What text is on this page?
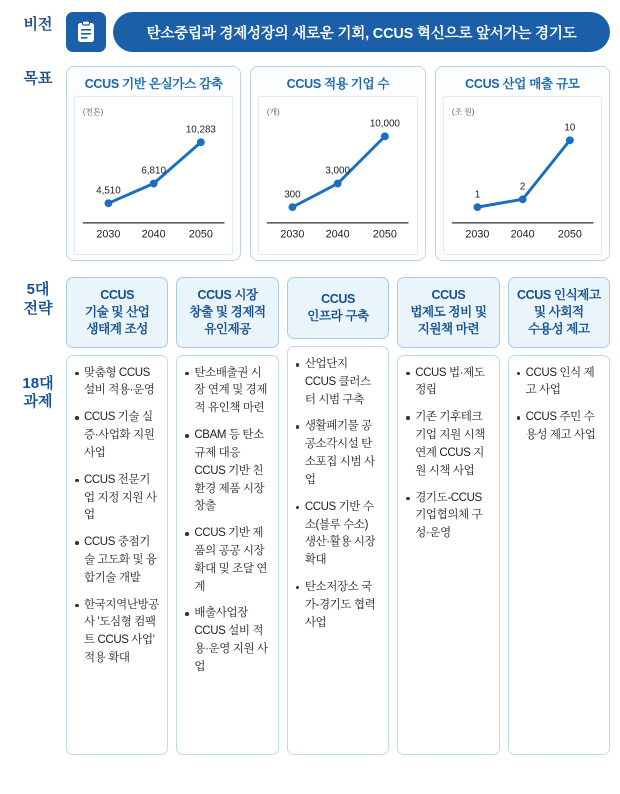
비전
탄소중립과 경제성장의 새로운 기회, CCUS 혁신으로 앞서가는 경기도
목표	CCUS 기반 온실가스 감축
(천톤)
4,510
6,810
10,283
2030 2040 2050
CCUS 적용 기업 수
(개)
300
3,000
10,000
2030 2040 2050
CCUS 산업 매출 규모
(조 원)
1
2
10
2030 2040 2050
5대
전략
18대
과제
CCUS
기술 및 산업
생태계 조성
맞춤형 CCUS 설비 적용·운영
CCUS 기술 실증·사업화 지원 사업
CCUS 전문기업 지정 지원 사업
CCUS 중점기술 고도화 및 융합기술 개발
한국지역난방공사 '도심형 컴팩트 CCUS 사업' 적용 확대
CCUS 시장
창출 및 경제적
유인제공
탄소배출권 시장 연계 및 경제적 유인책 마련
CBAM 등 탄소규제 대응 CCUS 기반 친환경 제품 시장 창출
CCUS 기반 제품의 공공 시장 확대 및 조달 연계
배출사업장 CCUS 설비 적용·운영 지원 사업
CCUS
인프라 구축
산업단지 CCUS 클러스터 시범 구축
생활폐기물 공공소각시설 탄소포집 시범 사업
CCUS 기반 수소(블루 수소) 생산·활용 시장 확대
탄소저장소 국가-경기도 협력 사업
CCUS
법제도 정비 및
지원책 마련
CCUS 법·제도 정립
기존 기후테크 기업 지원 시책 연계 CCUS 지원 시책 사업
경기도-CCUS 기업협의체 구성·운영
CCUS 인식제고
및 사회적
수용성 제고
CCUS 인식 제고 사업
CCUS 주민 수용성 제고 사업
